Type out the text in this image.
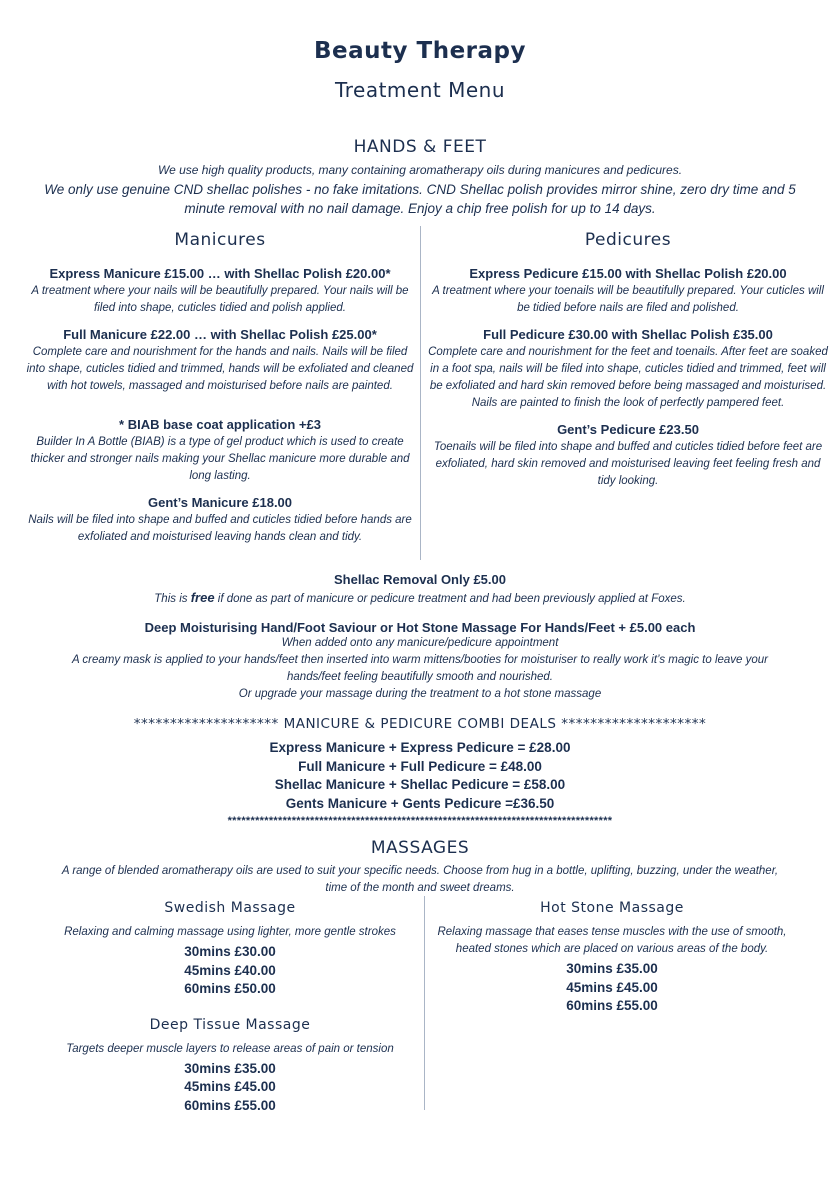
Beauty Therapy
Treatment Menu
HANDS & FEET
We use high quality products, many containing aromatherapy oils during manicures and pedicures.
We only use genuine CND shellac polishes - no fake imitations. CND Shellac polish provides mirror shine, zero dry time and 5 minute removal with no nail damage. Enjoy a chip free polish for up to 14 days.
Manicures
Express Manicure £15.00 … with Shellac Polish £20.00*
A treatment where your nails will be beautifully prepared. Your nails will be filed into shape, cuticles tidied and polish applied.
Full Manicure £22.00 … with Shellac Polish £25.00*
Complete care and nourishment for the hands and nails. Nails will be filed into shape, cuticles tidied and trimmed, hands will be exfoliated and cleaned with hot towels, massaged and moisturised before nails are painted.
* BIAB base coat application +£3
Builder In A Bottle (BIAB) is a type of gel product which is used to create thicker and stronger nails making your Shellac manicure more durable and long lasting.
Gent’s Manicure £18.00
Nails will be filed into shape and buffed and cuticles tidied before hands are exfoliated and moisturised leaving hands clean and tidy.
Pedicures
Express Pedicure £15.00 with Shellac Polish £20.00
A treatment where your toenails will be beautifully prepared. Your cuticles will be tidied before nails are filed and polished.
Full Pedicure £30.00 with Shellac Polish £35.00
Complete care and nourishment for the feet and toenails. After feet are soaked in a foot spa, nails will be filed into shape, cuticles tidied and trimmed, feet will be exfoliated and hard skin removed before being massaged and moisturised. Nails are painted to finish the look of perfectly pampered feet.
Gent’s Pedicure £23.50
Toenails will be filed into shape and buffed and cuticles tidied before feet are exfoliated, hard skin removed and moisturised leaving feet feeling fresh and tidy looking.
Shellac Removal Only £5.00
This is free if done as part of manicure or pedicure treatment and had been previously applied at Foxes.
Deep Moisturising Hand/Foot Saviour or Hot Stone Massage For Hands/Feet + £5.00 each
When added onto any manicure/pedicure appointment
A creamy mask is applied to your hands/feet then inserted into warm mittens/booties for moisturiser to really work it’s magic to leave your hands/feet feeling beautifully smooth and nourished.
Or upgrade your massage during the treatment to a hot stone massage
******************** MANICURE & PEDICURE COMBI DEALS ********************
Express Manicure + Express Pedicure = £28.00
Full Manicure + Full Pedicure = £48.00
Shellac Manicure + Shellac Pedicure = £58.00
Gents Manicure + Gents Pedicure =£36.50
************************************************************************************
MASSAGES
A range of blended aromatherapy oils are used to suit your specific needs. Choose from hug in a bottle, uplifting, buzzing, under the weather, time of the month and sweet dreams.
Swedish Massage
Relaxing and calming massage using lighter, more gentle strokes
30mins £30.00
45mins £40.00
60mins £50.00
Deep Tissue Massage
Targets deeper muscle layers to release areas of pain or tension
30mins £35.00
45mins £45.00
60mins £55.00
Hot Stone Massage
Relaxing massage that eases tense muscles with the use of smooth, heated stones which are placed on various areas of the body.
30mins £35.00
45mins £45.00
60mins £55.00
